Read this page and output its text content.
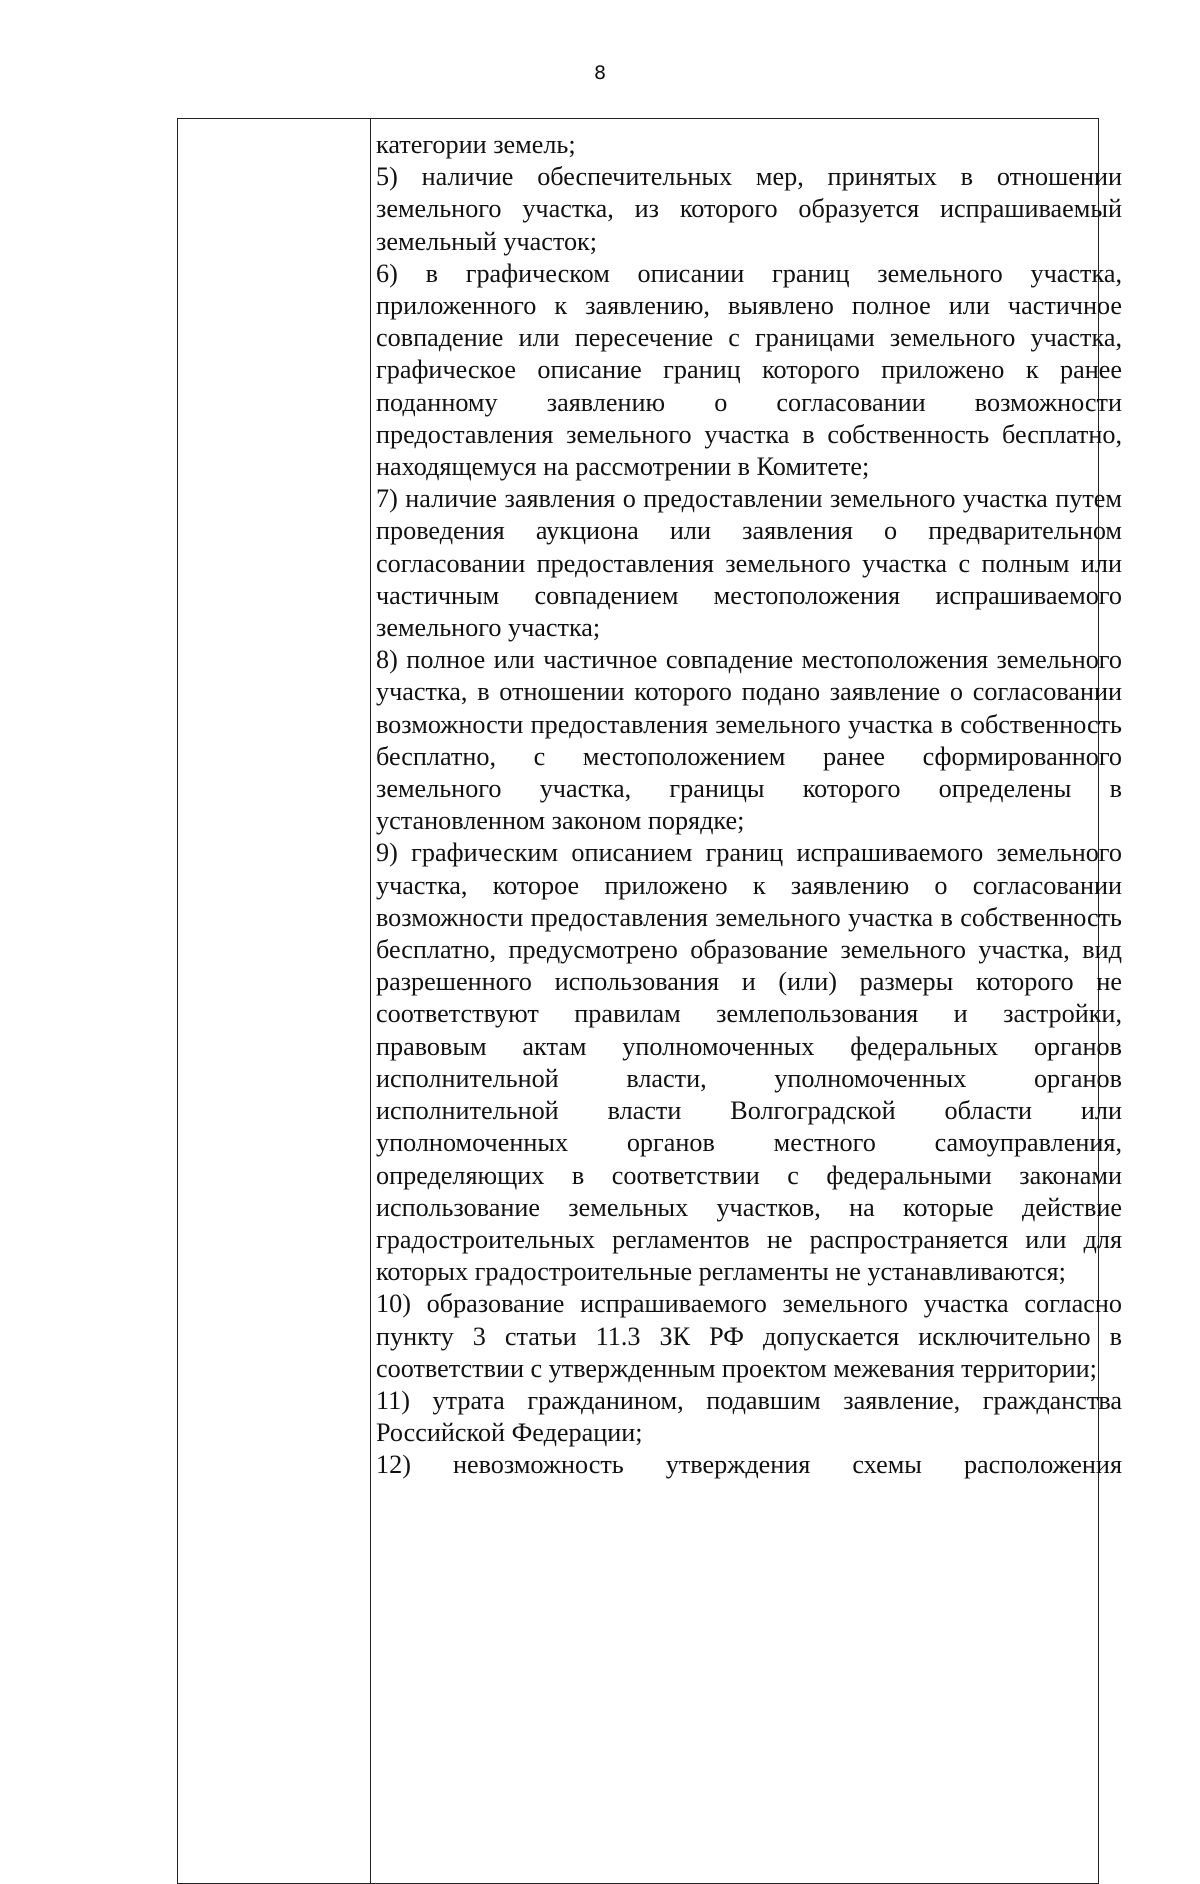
8

категории земель;

5) наличие обеспечительных мер, принятых в отношении земельного участка, из которого образуется испрашиваемый земельный участок;

6) в графическом описании границ земельного участка, приложенного к заявлению, выявлено полное или частичное совпадение или пересечение с границами земельного участка, графическое описание границ которого приложено к ранее поданному заявлению о согласовании возможности предоставления земельного участка в собственность бесплатно, находящемуся на рассмотрении в Комитете;

7) наличие заявления о предоставлении земельного участка путем проведения аукциона или заявления о предварительном согласовании предоставления земельного участка с полным или частичным совпадением местоположения испрашиваемого земельного участка;

8) полное или частичное совпадение местоположения земельного участка, в отношении которого подано заявление о согласовании возможности предоставления земельного участка в собственность бесплатно, с местоположением ранее сформированного земельного участка, границы которого определены в установленном законом порядке;

9) графическим описанием границ испрашиваемого земельного участка, которое приложено к заявлению о согласовании возможности предоставления земельного участка в собственность бесплатно, предусмотрено образование земельного участка, вид разрешенного использования и (или) размеры которого не соответствуют правилам землепользования и застройки, правовым актам уполномоченных федеральных органов исполнительной власти, уполномоченных органов исполнительной власти Волгоградской области или уполномоченных органов местного самоуправления, определяющих в соответствии с федеральными законами использование земельных участков, на которые действие градостроительных регламентов не распространяется или для которых градостроительные регламенты не устанавливаются;

10) образование испрашиваемого земельного участка согласно пункту 3 статьи 11.3 ЗК РФ допускается исключительно в соответствии с утвержденным проектом межевания территории;

11) утрата гражданином, подавшим заявление, гражданства Российской Федерации;

12) невозможность утверждения схемы расположения
